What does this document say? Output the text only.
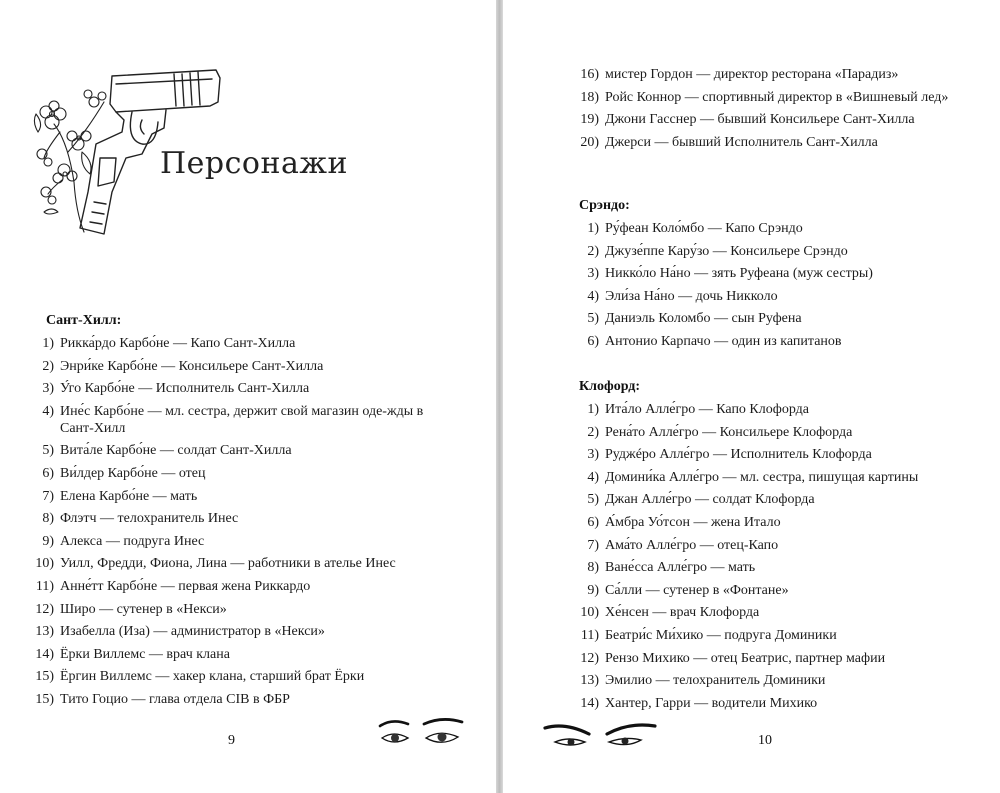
Персонажи
Сант-Хилл:
1) Рикка́рдо Карбо́не — Капо Сант-Хилла
2) Энри́ке Карбо́не — Консильере Сант-Хилла
3) У́го Карбо́не — Исполнитель Сант-Хилла
4) Ине́с Карбо́не — мл. сестра, держит свой магазин оде-жды в Сант-Хилл
5) Вита́ле Карбо́не — солдат Сант-Хилла
6) Ви́лдер Карбо́не — отец
7) Елена Карбо́не — мать
8) Флэтч — телохранитель Инес
9) Алекса — подруга Инес
10) Уилл, Фредди, Фиона, Лина — работники в ателье Инес
11) Анне́тт Карбо́не — первая жена Риккардо
12) Широ — сутенер в «Некси»
13) Изабелла (Иза) — администратор в «Некси»
14) Ёрки Виллемс — врач клана
15) Ёргин Виллемс — хакер клана, старший брат Ёрки
15) Тито Гоцио — глава отдела CIB в ФБР
9
16) мистер Гордон — директор ресторана «Парадиз»
18) Ройс Коннор — спортивный директор в «Вишневый лед»
19) Джони Гасснер — бывший Консильере Сант-Хилла
20) Джерси — бывший Исполнитель Сант-Хилла
Срэндо:
1) Ру́феан Коло́мбо — Капо Срэндо
2) Джузе́ппе Кару́зо — Консильере Срэндо
3) Никко́ло На́но — зять Руфеана (муж сестры)
4) Эли́за На́но — дочь Никколо
5) Даниэль Коломбо — сын Руфена
6) Антонио Карпачо — один из капитанов
Клофорд:
1) Ита́ло Алле́гро — Капо Клофорда
2) Рена́то Алле́гро — Консильере Клофорда
3) Руджéро Алле́гро — Исполнитель Клофорда
4) Домини́ка Алле́гро — мл. сестра, пишущая картины
5) Джан Алле́гро — солдат Клофорда
6) А́мбра Уо́тсон — жена Итало
7) Ама́то Алле́гро — отец-Капо
8) Ване́сса Алле́гро — мать
9) Са́лли — сутенер в «Фонтане»
10) Хе́нсен — врач Клофорда
11) Беатри́с Ми́хико — подруга Доминики
12) Рензо Михико — отец Беатрис, партнер мафии
13) Эмилио — телохранитель Доминики
14) Хантер, Гарри — водители Михико
10
